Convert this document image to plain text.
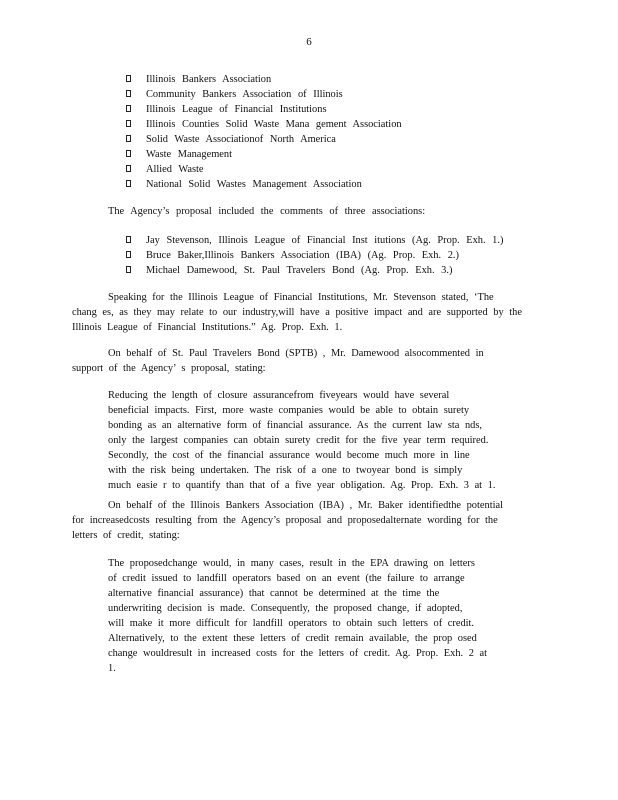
6
Illinois Bankers Association
Community Bankers Association of Illinois
Illinois League of Financial Institutions
Illinois Counties Solid Waste Mana gement Association
Solid Waste Associationof North America
Waste Management
Allied Waste
National Solid Wastes Management Association

The Agency’s proposal included the comments of three associations:

Jay Stevenson, Illinois League of Financial Inst itutions (Ag. Prop. Exh. 1.)
Bruce Baker,Illinois Bankers Association (IBA) (Ag. Prop. Exh. 2.)
Michael Damewood, St. Paul Travelers Bond (Ag. Prop. Exh. 3.)
Speaking for the Illinois League of Financial Institutions, Mr. Stevenson stated, ‘The
chang es, as they may relate to our industry,will have a positive impact and are supported by the
Illinois League of Financial Institutions.” Ag. Prop. Exh. 1.
On behalf of St. Paul Travelers Bond (SPTB) , Mr. Damewood alsocommented in
support of the Agency’ s proposal, stating:
Reducing the length of closure assurancefrom fiveyears would have several
beneficial impacts. First, more waste companies would be able to obtain surety
bonding as an alternative form of financial assurance. As the current law sta nds,
only the largest companies can obtain surety credit for the five year term required.
Secondly, the cost of the financial assurance would become much more in line
with the risk being undertaken. The risk of a one to twoyear bond is simply
much easie r to quantify than that of a five year obligation. Ag. Prop. Exh. 3 at 1.
On behalf of the Illinois Bankers Association (IBA) , Mr. Baker identifiedthe potential
for increasedcosts resulting from the Agency’s proposal and proposedalternate wording for the
letters of credit, stating:
The proposedchange would, in many cases, result in the EPA drawing on letters
of credit issued to landfill operators based on an event (the failure to arrange
alternative financial assurance) that cannot be determined at the time the
underwriting decision is made. Consequently, the proposed change, if adopted,
will make it more difficult for landfill operators to obtain such letters of credit.
Alternatively, to the extent these letters of credit remain available, the prop osed
change wouldresult in increased costs for the letters of credit. Ag. Prop. Exh. 2 at
1.
